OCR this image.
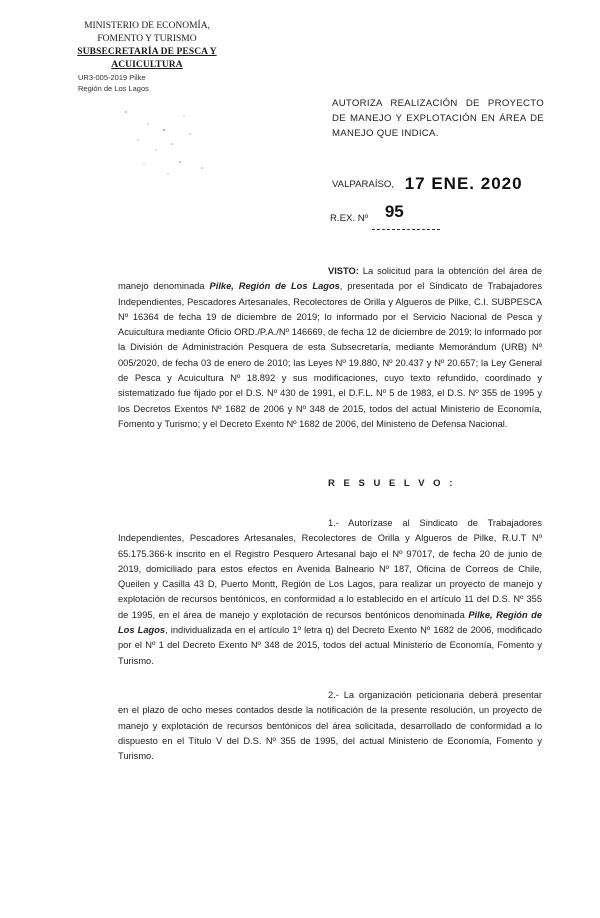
MINISTERIO DE ECONOMÍA,
FOMENTO Y TURISMO
SUBSECRETARÍA DE PESCA Y ACUICULTURA
UR3-005-2019 Pilke
Región de Los Lagos
AUTORIZA REALIZACIÓN DE PROYECTO DE MANEJO Y EXPLOTACIÓN EN ÁREA DE MANEJO QUE INDICA.
VALPARAÍSO, 17 ENE. 2020
R.EX. Nº 95
VISTO: La solicitud para la obtención del área de manejo denominada Pilke, Región de Los Lagos, presentada por el Sindicato de Trabajadores Independientes, Pescadores Artesanales, Recolectores de Orilla y Algueros de Pilke, C.I. SUBPESCA Nº 16364 de fecha 19 de diciembre de 2019; lo informado por el Servicio Nacional de Pesca y Acuicultura mediante Oficio ORD./P.A./Nº 146669, de fecha 12 de diciembre de 2019; lo informado por la División de Administración Pesquera de esta Subsecretaría, mediante Memorándum (URB) Nº 005/2020, de fecha 03 de enero de 2010; las Leyes Nº 19.880, Nº 20.437 y Nº 20.657; la Ley General de Pesca y Acuicultura Nº 18.892 y sus modificaciones, cuyo texto refundido, coordinado y sistematizado fue fijado por el D.S. Nº 430 de 1991, el D.F.L. Nº 5 de 1983, el D.S. Nº 355 de 1995 y los Decretos Exentos Nº 1682 de 2006 y Nº 348 de 2015, todos del actual Ministerio de Economía, Fomento y Turismo; y el Decreto Exento Nº 1682 de 2006, del Ministerio de Defensa Nacional.
R E S U E L V O :
1.- Autorízase al Sindicato de Trabajadores Independientes, Pescadores Artesanales, Recolectores de Orilla y Algueros de Pilke, R.U.T Nº 65.175.366-k inscrito en el Registro Pesquero Artesanal bajo el Nº 97017, de fecha 20 de junio de 2019, domiciliado para estos efectos en Avenida Balneario Nº 187, Oficina de Correos de Chile, Queilen y Casilla 43 D, Puerto Montt, Región de Los Lagos, para realizar un proyecto de manejo y explotación de recursos bentónicos, en conformidad a lo establecido en el artículo 11 del D.S. Nº 355 de 1995, en el área de manejo y explotación de recursos bentónicos denominada Pilke, Región de Los Lagos, individualizada en el artículo 1º letra q) del Decreto Exento Nº 1682 de 2006, modificado por el Nº 1 del Decreto Exento Nº 348 de 2015, todos del actual Ministerio de Economía, Fomento y Turismo.
2.- La organización peticionaria deberá presentar en el plazo de ocho meses contados desde la notificación de la presente resolución, un proyecto de manejo y explotación de recursos bentónicos del área solicitada, desarrollado de conformidad a lo dispuesto en el Título V del D.S. Nº 355 de 1995, del actual Ministerio de Economía, Fomento y Turismo.
